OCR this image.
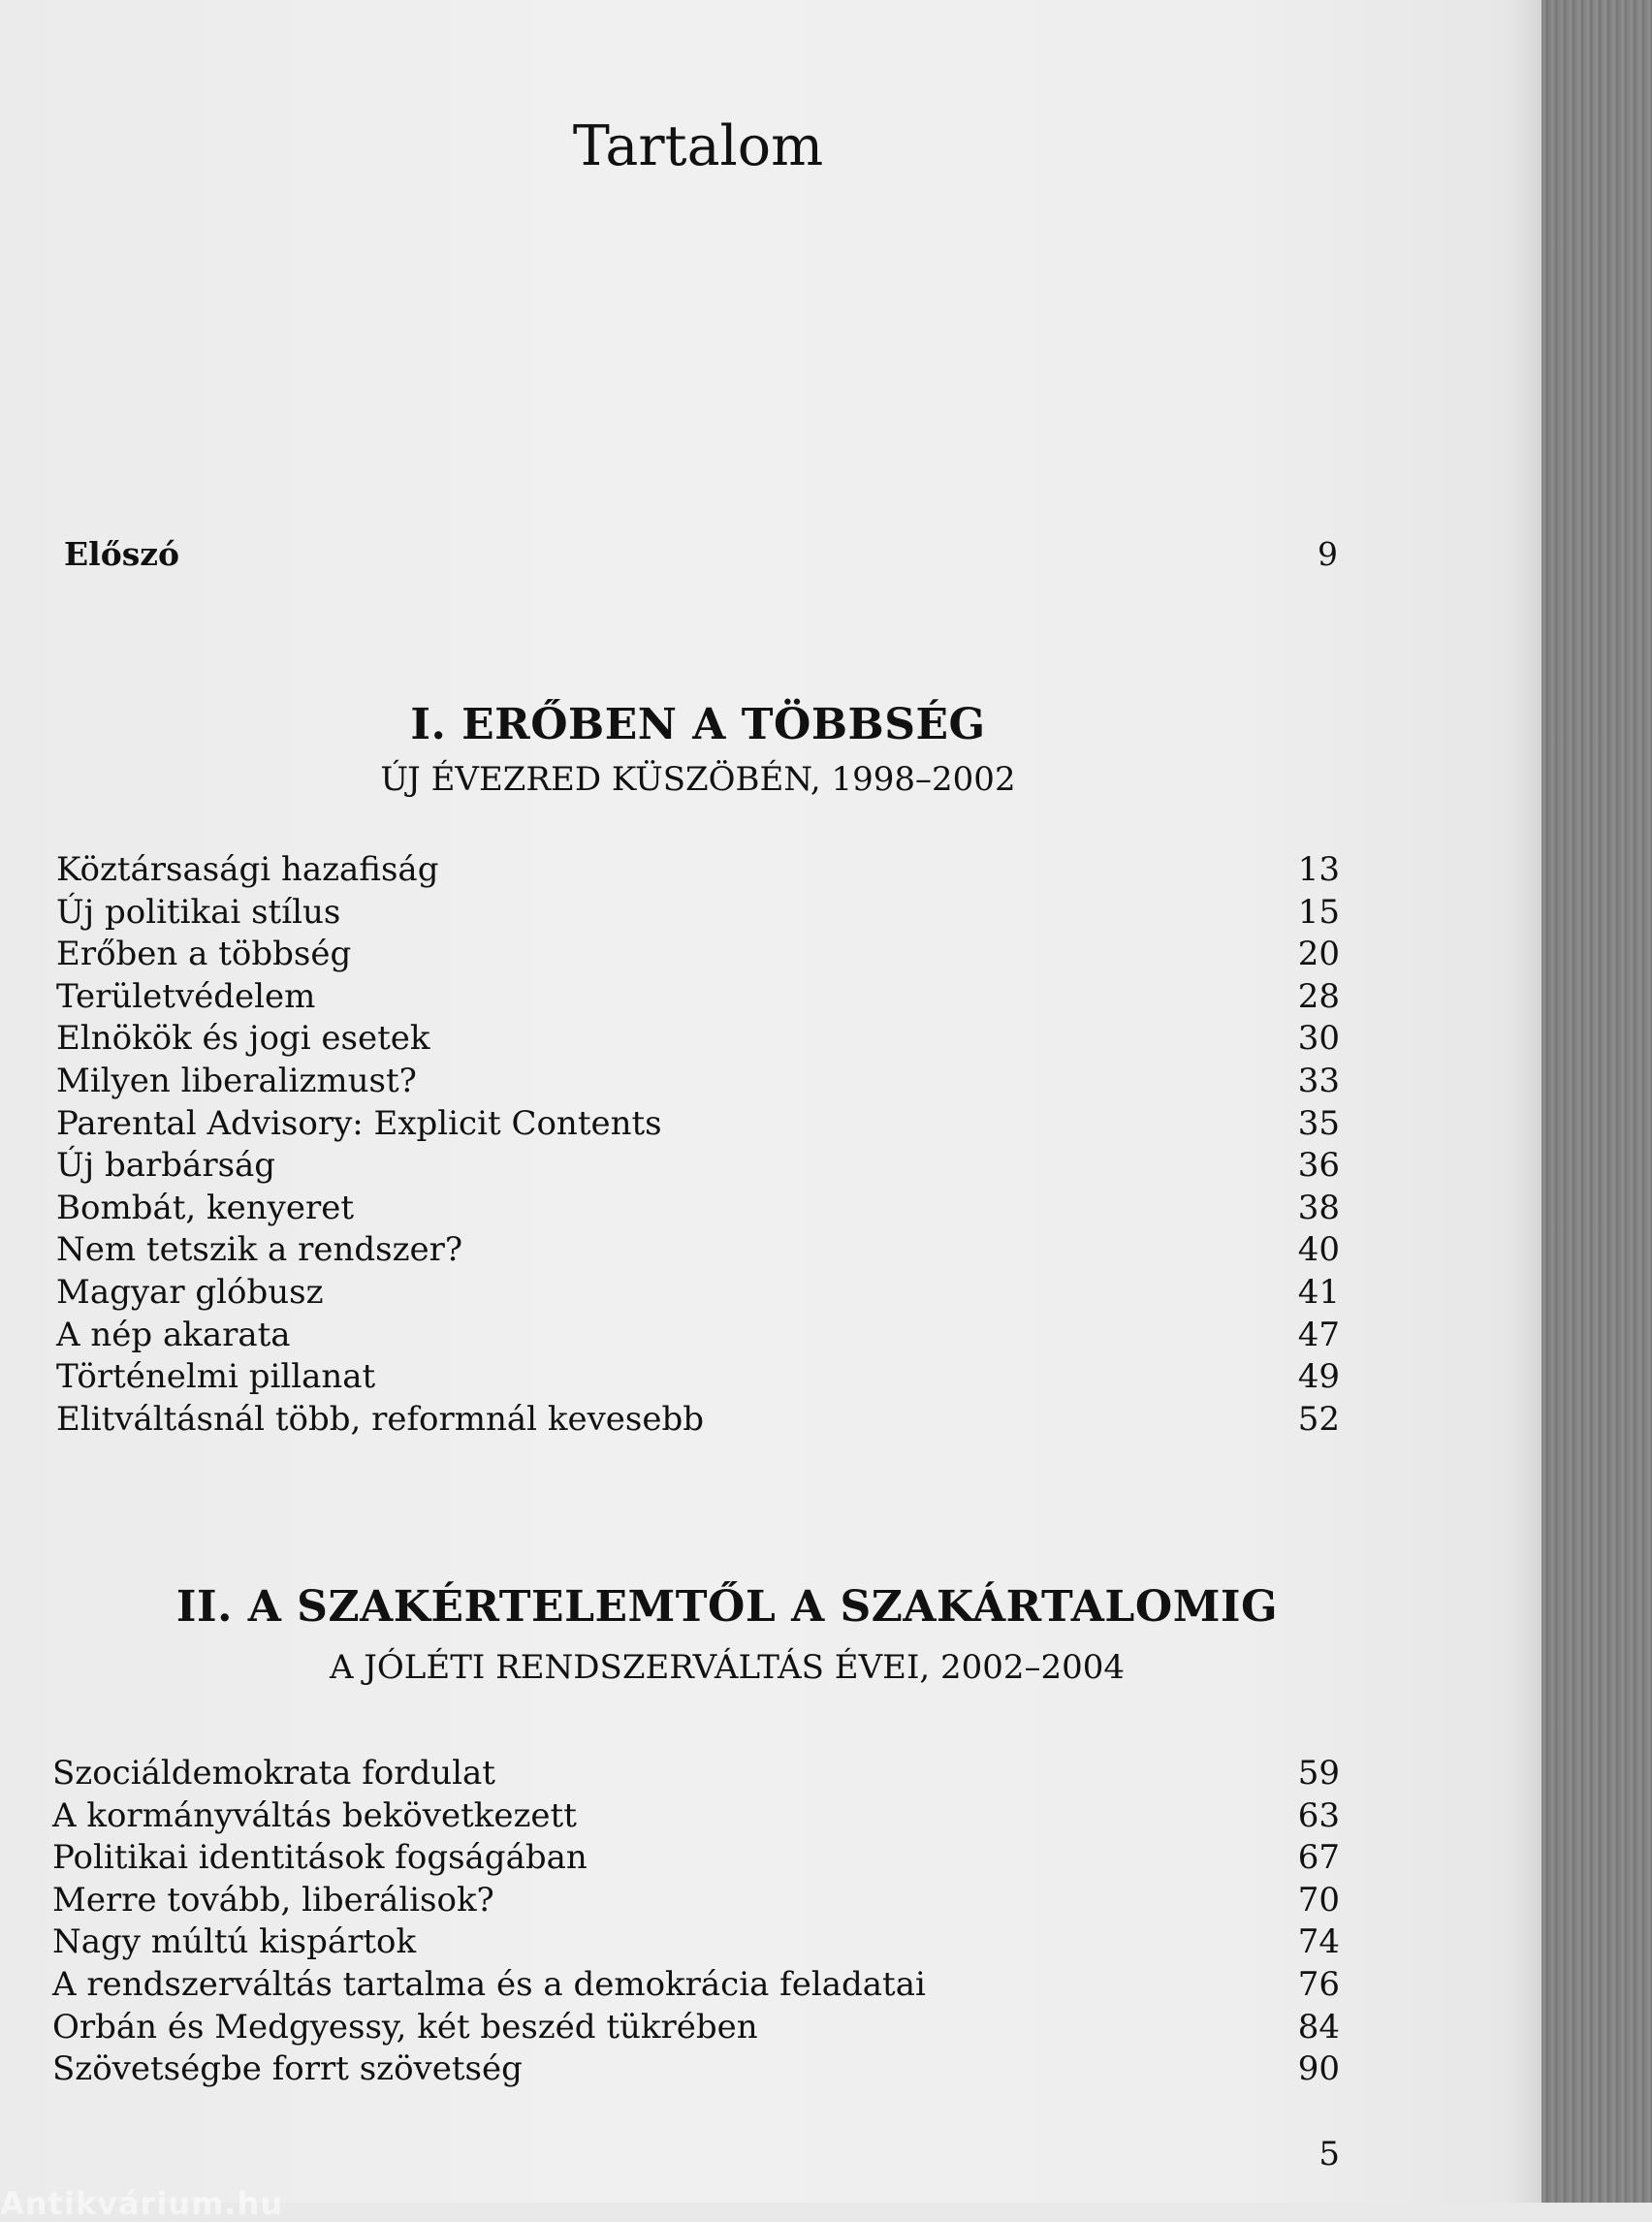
Tartalom
Előszó	9
I. ERŐBEN A TÖBBSÉG
ÚJ ÉVEZRED KÜSZÖBÉN, 1998–2002
Köztársasági hazafiság	13
Új politikai stílus	15
Erőben a többség	20
Területvédelem	28
Elnökök és jogi esetek	30
Milyen liberalizmust?	33
Parental Advisory: Explicit Contents	35
Új barbárság	36
Bombát, kenyeret	38
Nem tetszik a rendszer?	40
Magyar glóbusz	41
A nép akarata	47
Történelmi pillanat	49
Elitváltásnál több, reformnál kevesebb	52
II. A SZAKÉRTELEMTŐL A SZAKÁRTALOMIG
A JÓLÉTI RENDSZERVÁLTÁS ÉVEI, 2002–2004
Szociáldemokrata fordulat	59
A kormányváltás bekövetkezett	63
Politikai identitások fogságában	67
Merre tovább, liberálisok?	70
Nagy múltú kispártok	74
A rendszerváltás tartalma és a demokrácia feladatai	76
Orbán és Medgyessy, két beszéd tükrében	84
Szövetségbe forrt szövetség	90
5
Antikvárium.hu
